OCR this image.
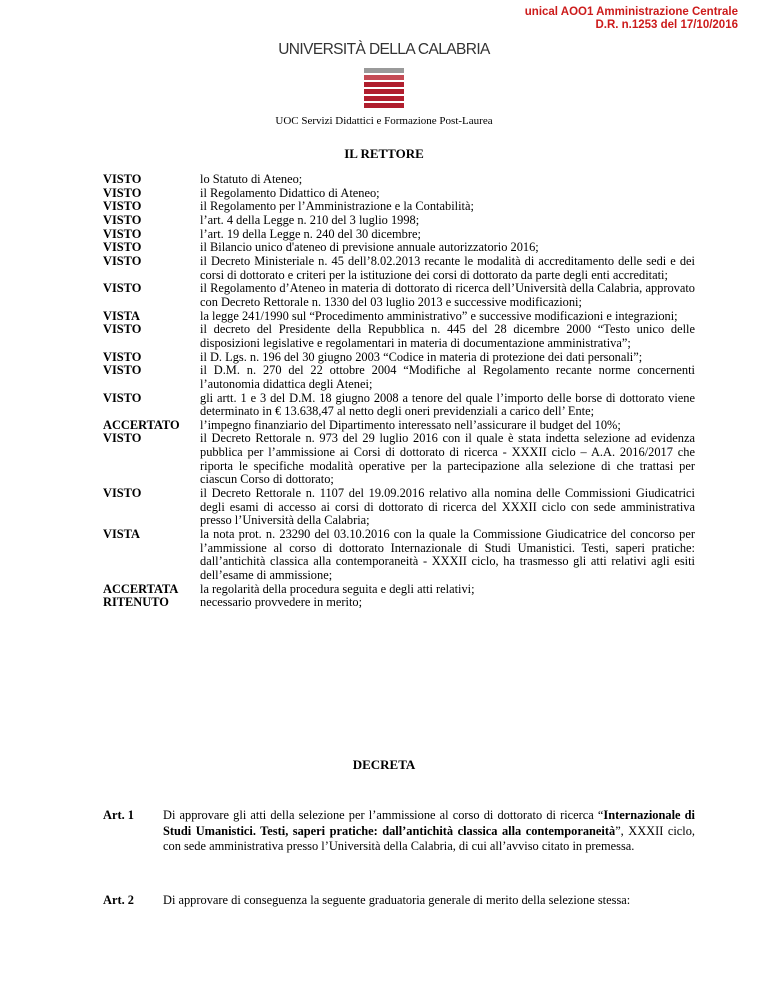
unical AOO1 Amministrazione Centrale
D.R. n.1253 del 17/10/2016
UNIVERSITÀ DELLA CALABRIA
UOC Servizi Didattici e Formazione Post-Laurea
IL RETTORE
VISTO	lo Statuto di Ateneo;
VISTO	il Regolamento Didattico di Ateneo;
VISTO	il Regolamento per l’Amministrazione e la Contabilità;
VISTO	l’art. 4 della Legge n. 210 del 3 luglio 1998;
VISTO	l’art. 19 della Legge n. 240 del 30 dicembre;
VISTO	il Bilancio unico d'ateneo di previsione annuale autorizzatorio 2016;
VISTO	il Decreto Ministeriale n. 45 dell’8.02.2013 recante le modalità di accreditamento delle sedi e dei corsi di dottorato e criteri per la istituzione dei corsi di dottorato da parte degli enti accreditati;
VISTO	il Regolamento d’Ateneo in materia di dottorato di ricerca dell’Università della Calabria, approvato con Decreto Rettorale n. 1330 del 03 luglio 2013 e successive modificazioni;
VISTA	la legge 241/1990 sul “Procedimento amministrativo” e successive modificazioni e integrazioni;
VISTO	il decreto del Presidente della Repubblica n. 445 del 28 dicembre 2000 “Testo unico delle disposizioni legislative e regolamentari in materia di documentazione amministrativa”;
VISTO	il D. Lgs. n. 196 del 30 giugno 2003 “Codice in materia di protezione dei dati personali”;
VISTO	il D.M. n. 270 del 22 ottobre 2004 “Modifiche al Regolamento recante norme concernenti l’autonomia didattica degli Atenei;
VISTO	gli artt. 1 e 3 del D.M. 18 giugno 2008 a tenore del quale l’importo delle borse di dottorato viene determinato in € 13.638,47 al netto degli oneri previdenziali a carico dell’ Ente;
ACCERTATO	l’impegno finanziario del Dipartimento interessato nell’assicurare il budget del 10%;
VISTO	il Decreto Rettorale n. 973 del 29 luglio 2016 con il quale è stata indetta selezione ad evidenza pubblica per l’ammissione ai Corsi di dottorato di ricerca - XXXII ciclo – A.A. 2016/2017 che riporta le specifiche modalità operative per la partecipazione alla selezione di che trattasi per ciascun Corso di dottorato;
VISTO	il Decreto Rettorale n. 1107 del 19.09.2016 relativo alla nomina delle Commissioni Giudicatrici degli esami di accesso ai corsi di dottorato di ricerca del XXXII ciclo con sede amministrativa presso l’Università della Calabria;
VISTA	la nota prot. n. 23290 del 03.10.2016 con la quale la Commissione Giudicatrice del concorso per l’ammissione al corso di dottorato Internazionale di Studi Umanistici. Testi, saperi pratiche: dall’antichità classica alla contemporaneità - XXXII ciclo, ha trasmesso gli atti relativi agli esiti dell’esame di ammissione;
ACCERTATA	la regolarità della procedura seguita e degli atti relativi;
RITENUTO	necessario provvedere in merito;
DECRETA
Art. 1	Di approvare gli atti della selezione per l’ammissione al corso di dottorato di ricerca “Internazionale di Studi Umanistici. Testi, saperi pratiche: dall’antichità classica alla contemporaneità”, XXXII ciclo, con sede amministrativa presso l’Università della Calabria, di cui all’avviso citato in premessa.
Art. 2	Di approvare di conseguenza la seguente graduatoria generale di merito della selezione stessa:
